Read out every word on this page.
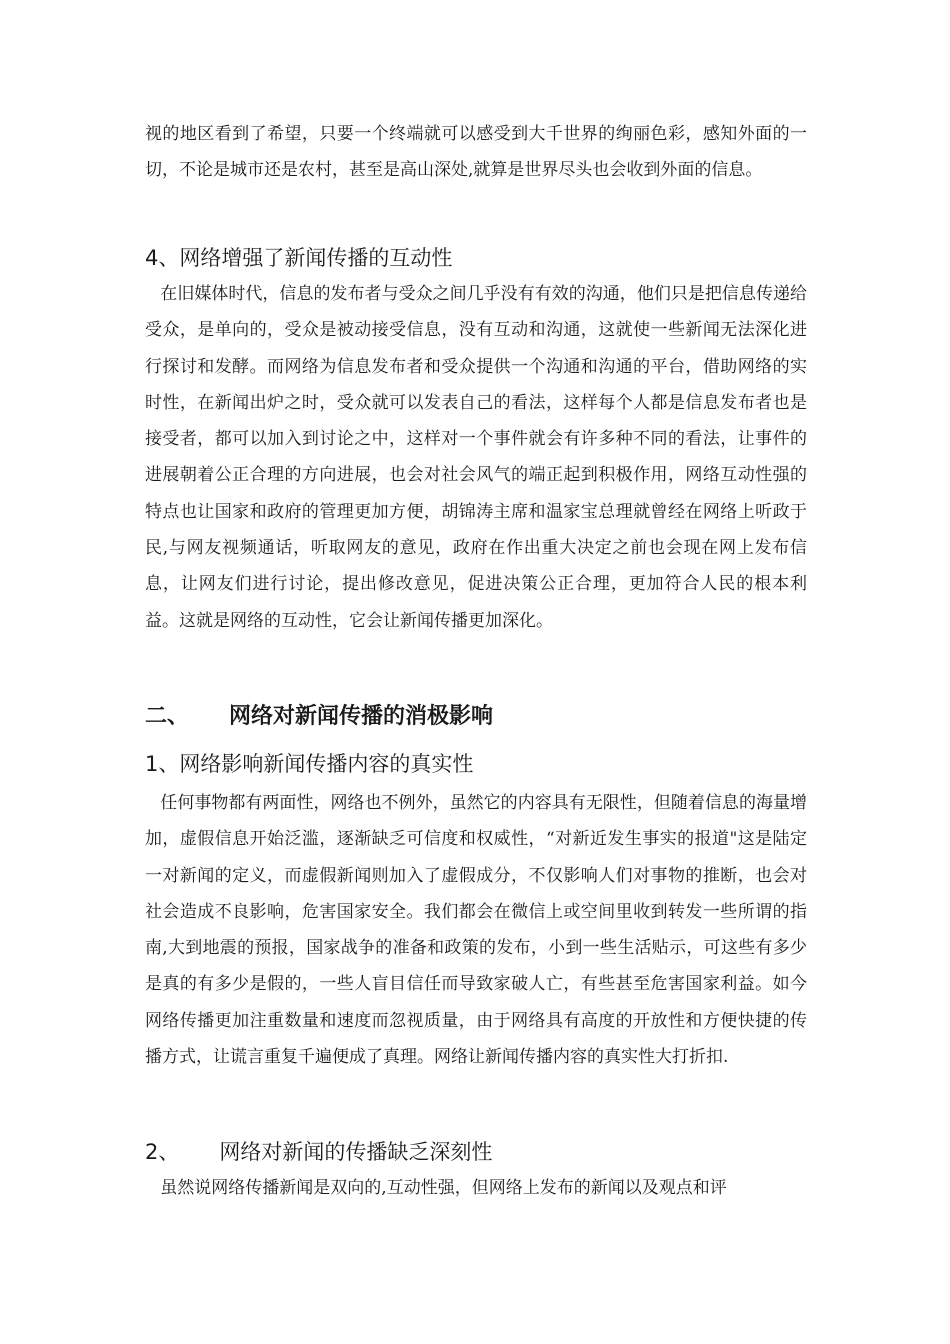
视的地区看到了希望，只要一个终端就可以感受到大千世界的绚丽色彩，感知外面的一切，不论是城市还是农村，甚至是高山深处,就算是世界尽头也会收到外面的信息。

4、网络增强了新闻传播的互动性

在旧媒体时代，信息的发布者与受众之间几乎没有有效的沟通，他们只是把信息传递给受众，是单向的，受众是被动接受信息，没有互动和沟通，这就使一些新闻无法深化进行探讨和发酵。而网络为信息发布者和受众提供一个沟通和沟通的平台，借助网络的实时性，在新闻出炉之时，受众就可以发表自己的看法，这样每个人都是信息发布者也是接受者，都可以加入到讨论之中，这样对一个事件就会有许多种不同的看法，让事件的进展朝着公正合理的方向进展，也会对社会风气的端正起到积极作用，网络互动性强的特点也让国家和政府的管理更加方便，胡锦涛主席和温家宝总理就曾经在网络上听政于民,与网友视频通话，听取网友的意见，政府在作出重大决定之前也会现在网上发布信息，让网友们进行讨论，提出修改意见，促进决策公正合理，更加符合人民的根本利益。这就是网络的互动性，它会让新闻传播更加深化。

二、 网络对新闻传播的消极影响
1、网络影响新闻传播内容的真实性

任何事物都有两面性，网络也不例外，虽然它的内容具有无限性，但随着信息的海量增加，虚假信息开始泛滥，逐渐缺乏可信度和权威性，“对新近发生事实的报道"这是陆定一对新闻的定义，而虚假新闻则加入了虚假成分，不仅影响人们对事物的推断，也会对社会造成不良影响，危害国家安全。我们都会在微信上或空间里收到转发一些所谓的指南,大到地震的预报，国家战争的准备和政策的发布，小到一些生活贴示，可这些有多少是真的有多少是假的，一些人盲目信任而导致家破人亡，有些甚至危害国家利益。如今网络传播更加注重数量和速度而忽视质量，由于网络具有高度的开放性和方便快捷的传播方式，让谎言重复千遍便成了真理。网络让新闻传播内容的真实性大打折扣.

2、 网络对新闻的传播缺乏深刻性

虽然说网络传播新闻是双向的,互动性强，但网络上发布的新闻以及观点和评
